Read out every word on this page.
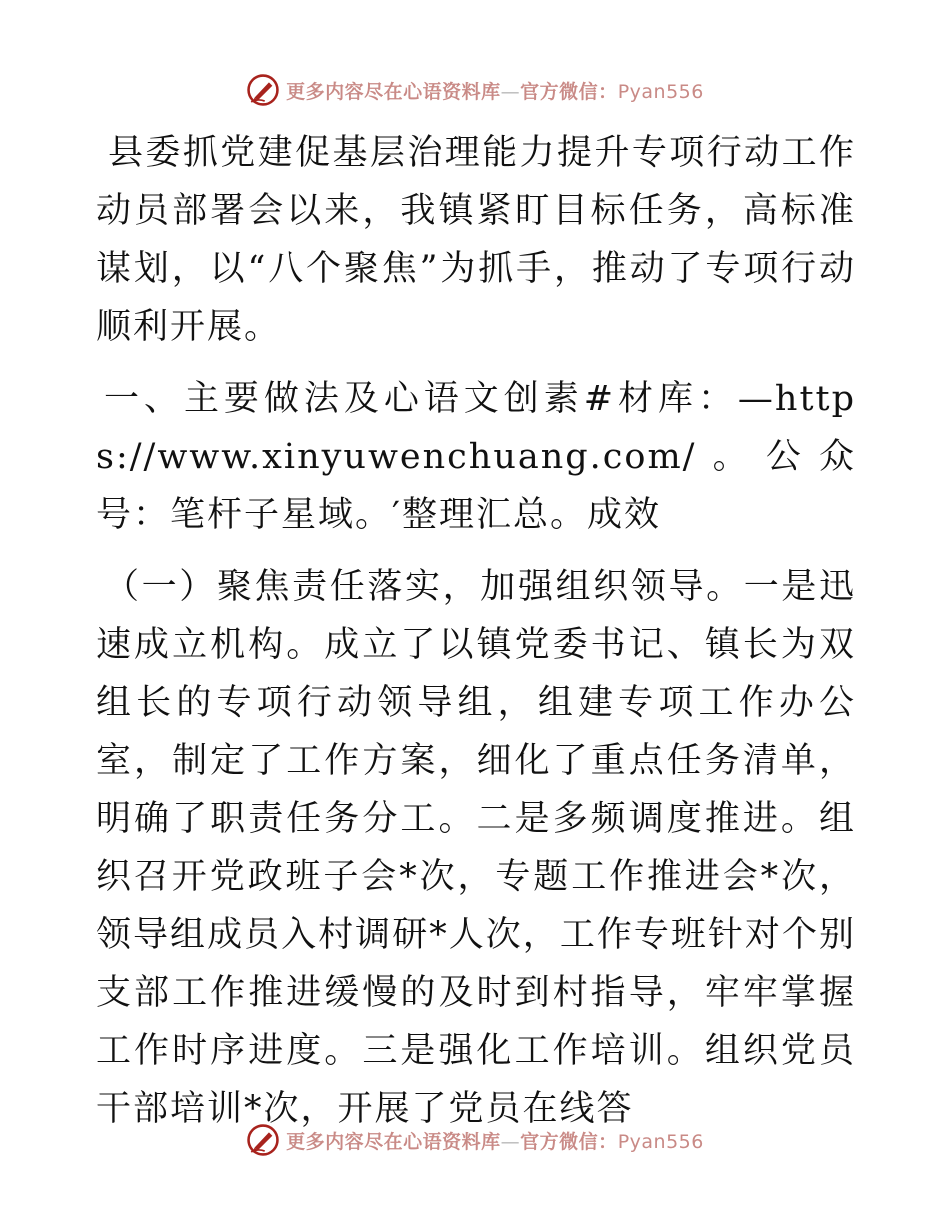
更多内容尽在心语资料库—官方微信：Pyan556

县委抓党建促基层治理能力提升专项行动工作动员部署会以来，我镇紧盯目标任务，高标准谋划，以“八个聚焦”为抓手，推动了专项行动顺利开展。

一、主要做法及心语文创素#材库：—https://www.xinyuwenchuang.com/。公众号：笔杆子星域。′整理汇总。成效

（一）聚焦责任落实，加强组织领导。一是迅速成立机构。成立了以镇党委书记、镇长为双组长的专项行动领导组，组建专项工作办公室，制定了工作方案，细化了重点任务清单，明确了职责任务分工。二是多频调度推进。组织召开党政班子会*次，专题工作推进会*次，领导组成员入村调研*人次，工作专班针对个别支部工作推进缓慢的及时到村指导，牢牢掌握工作时序进度。三是强化工作培训。组织党员干部培训*次，开展了党员在线答

更多内容尽在心语资料库—官方微信：Pyan556
